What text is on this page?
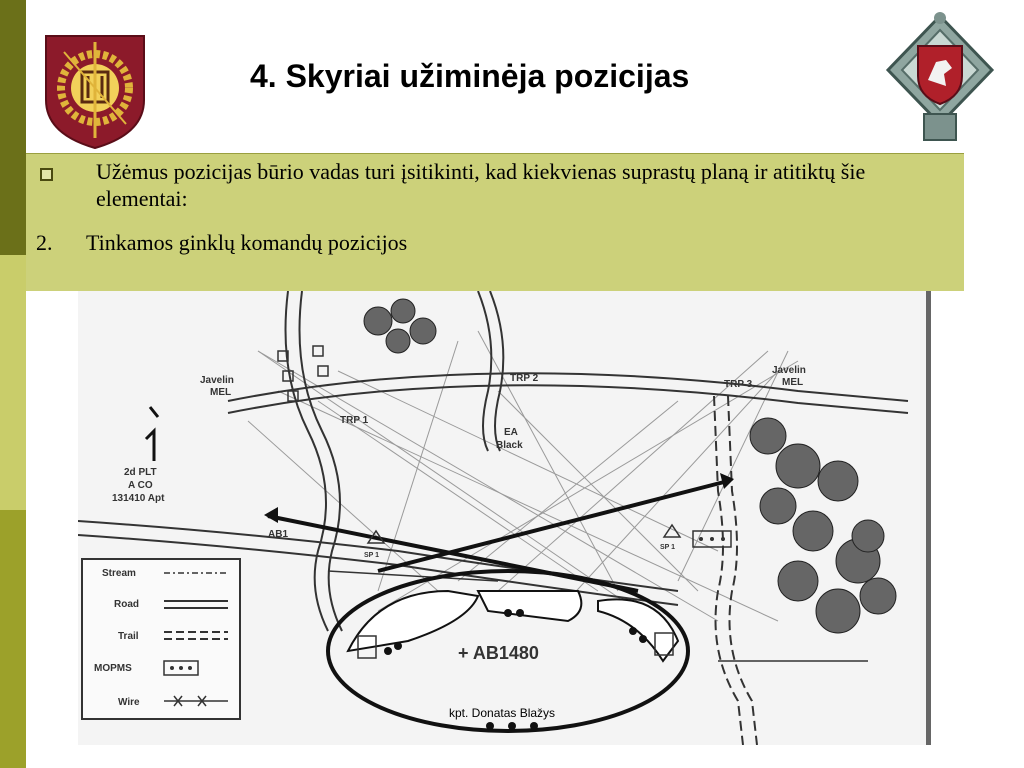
4. Skyriai užiminėja pozicijas
Užėmus pozicijas būrio vadas turi įsitikinti, kad kiekvienas suprastų planą ir atitiktų šie elementai:
2. Tinkamos ginklų komandų pozicijos
Javelin
MEL
Javelin
MEL
TRP 1
TRP 2
TRP 3
EA
Black
2d PLT
A CO
131410 Apt
AB1
SP 1
SP 1
+ AB1480
Stream
Road
Trail
MOPMS
Wire
kpt. Donatas Blažys
